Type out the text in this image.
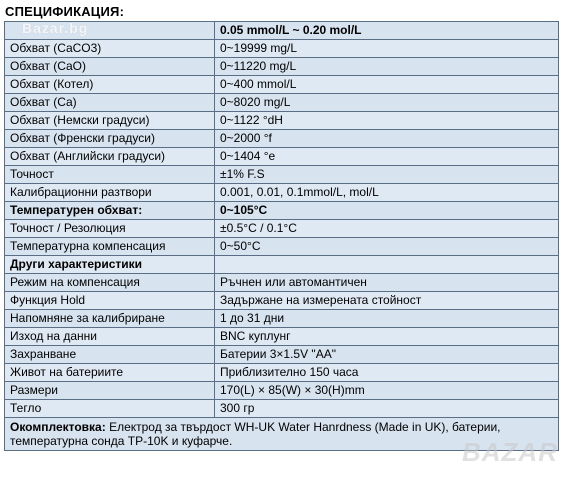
СПЕЦИФИКАЦИЯ:
	0.05 mmol/L ~ 0.20 mol/L
Обхват (CaCO3)	0~19999 mg/L
Обхват (CaO)	0~11220 mg/L
Обхват (Котел)	0~400 mmol/L
Обхват (Ca)	0~8020 mg/L
Обхват (Немски градуси)	0~1122 °dH
Обхват (Френски градуси)	0~2000 °f
Обхват (Английски градуси)	0~1404 °e
Точност	±1% F.S
Калибрационни разтвори	0.001, 0.01, 0.1mmol/L, mol/L
Температурен обхват:	0~105°C
Точност / Резолюция	±0.5°C / 0.1°C
Температурна компенсация	0~50°C
Други характеристики	
Режим на компенсация	Ръчнен или автомантичен
Функция Hold	Задържане на измерената стойност
Напомняне за калибриране	1 до 31 дни
Изход на данни	BNC куплунг
Захранване	Батерии 3×1.5V "AA"
Живот на батериите	Приблизително 150 часа
Размери	170(L) × 85(W) × 30(H)mm
Тегло	300 гр
Окомплектовка: Електрод за твърдост WH-UK Water Hanrdness (Made in UK), батерии, температурна сонда TP-10K и куфарче.	
Bazar.bg
BAZAR
